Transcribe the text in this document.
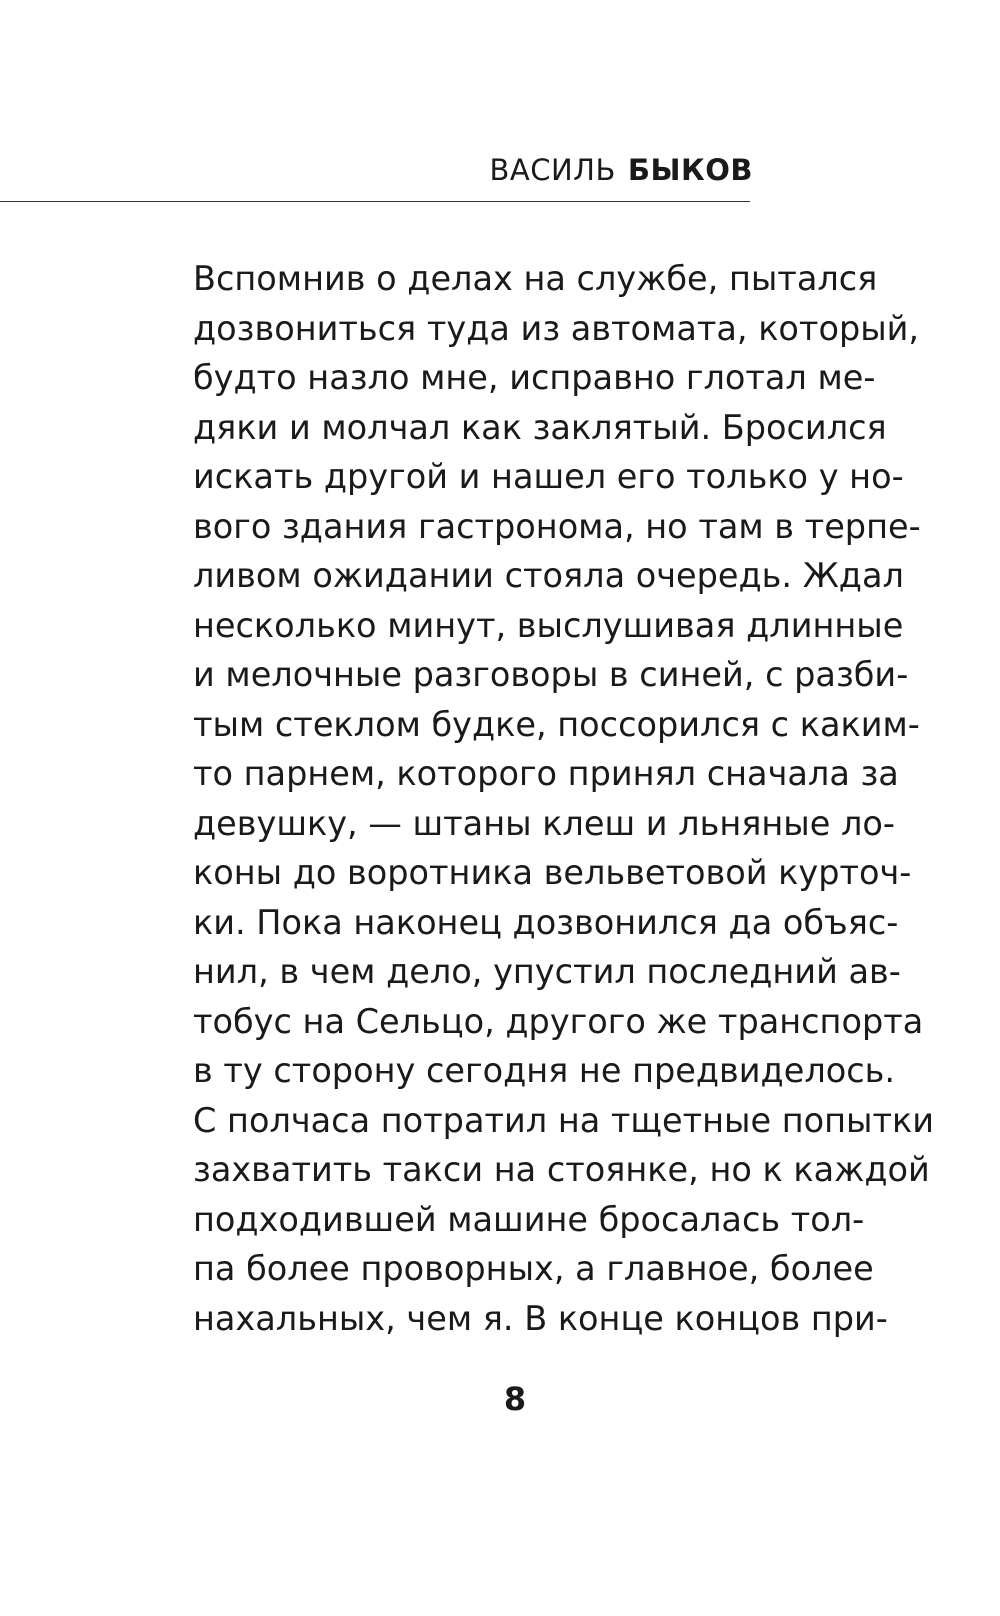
ВАСИЛЬ БЫКОВ
Вспомнив о делах на службе, пытался
дозвониться туда из автомата, который,
будто назло мне, исправно глотал ме-
дяки и молчал как заклятый. Бросился
искать другой и нашел его только у но-
вого здания гастронома, но там в терпе-
ливом ожидании стояла очередь. Ждал
несколько минут, выслушивая длинные
и мелочные разговоры в синей, с разби-
тым стеклом будке, поссорился с каким-
то парнем, которого принял сначала за
девушку, — штаны клеш и льняные ло-
коны до воротника вельветовой курточ-
ки. Пока наконец дозвонился да объяс-
нил, в чем дело, упустил последний ав-
тобус на Сельцо, другого же транспорта
в ту сторону сегодня не предвиделось.
С полчаса потратил на тщетные попытки
захватить такси на стоянке, но к каждой
подходившей машине бросалась тол-
па более проворных, а главное, более
нахальных, чем я. В конце концов при-
8
